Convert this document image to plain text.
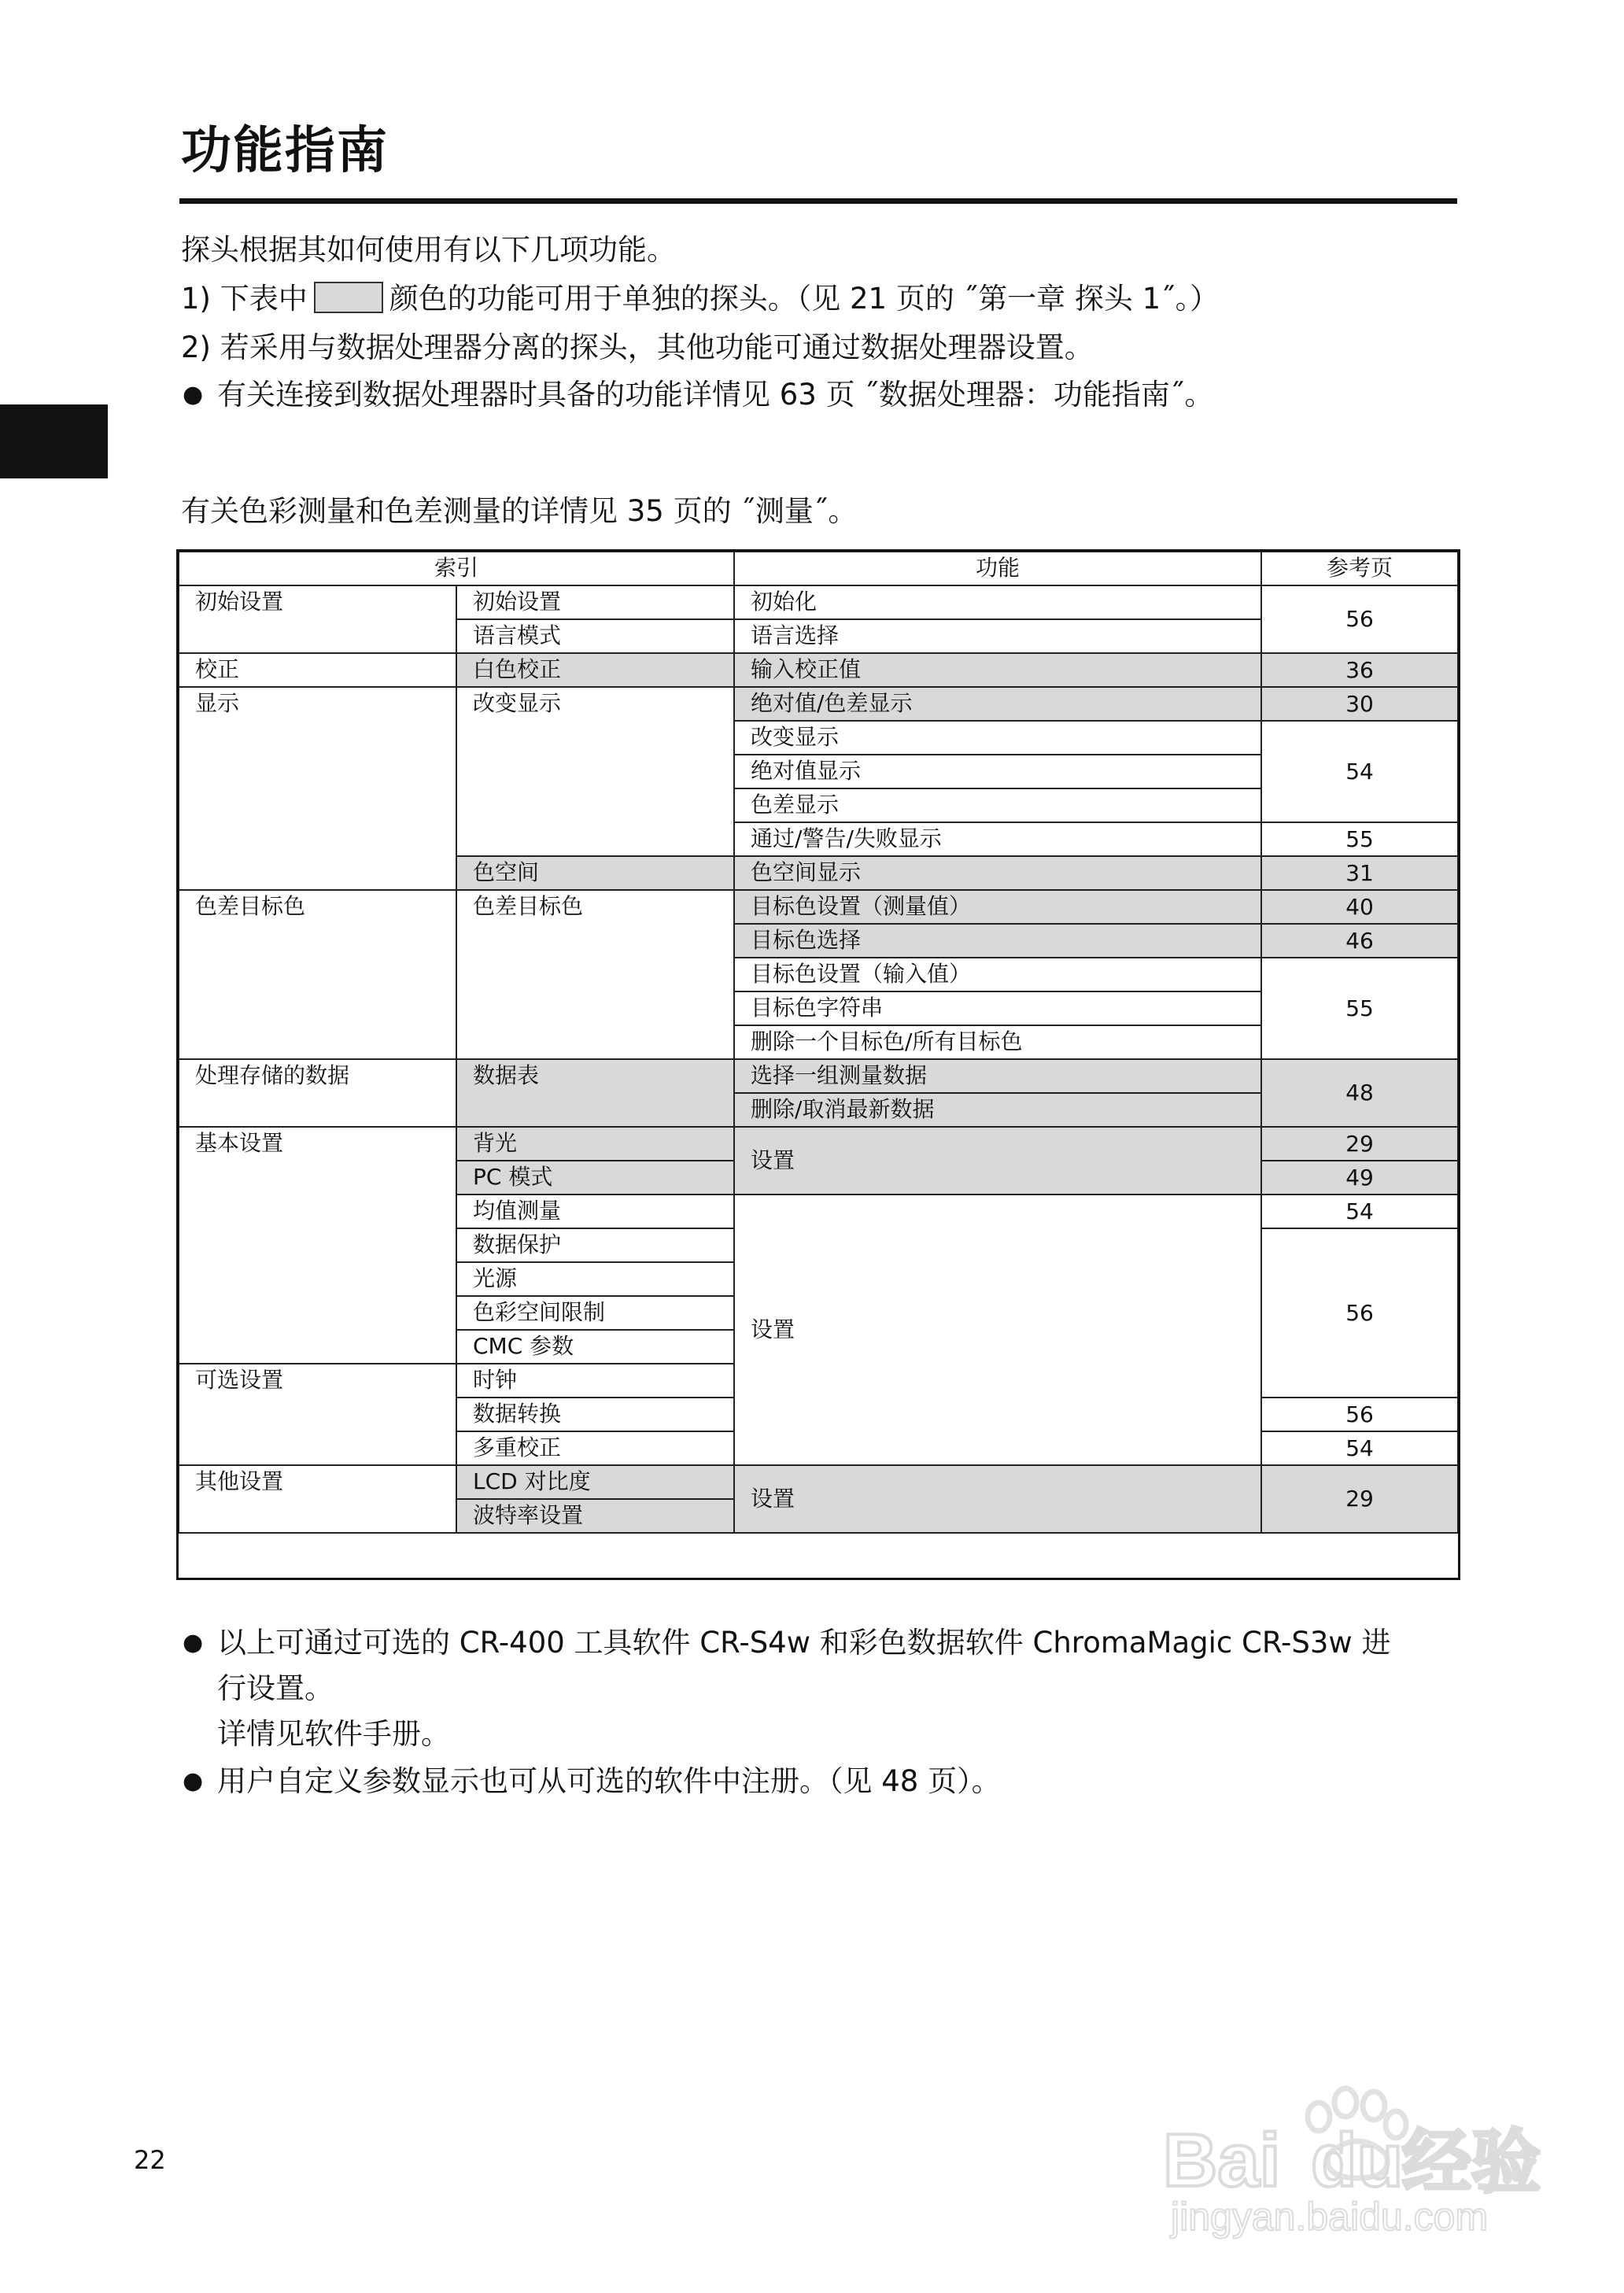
功能指南
探头根据其如何使用有以下几项功能。
1) 下表中	颜色的功能可用于单独的探头。（见 21 页的 ˝第一章 探头 1˝。）
2) 若采用与数据处理器分离的探头，其他功能可通过数据处理器设置。
● 有关连接到数据处理器时具备的功能详情见 63 页 ˝数据处理器：功能指南˝。
有关色彩测量和色差测量的详情见 35 页的 ˝测量˝。
索引		功能	参考页
初始设置	初始设置	初始化	56
	语言模式	语言选择	
校正	白色校正	输入校正值	36
显示	改变显示	绝对值/色差显示	30
		改变显示	54
		绝对值显示	
		色差显示	
		通过/警告/失败显示	55
	色空间	色空间显示	31
色差目标色	色差目标色	目标色设置（测量值）	40
		目标色选择	46
		目标色设置（输入值）	55
		目标色字符串	
		删除一个目标色/所有目标色	
处理存储的数据	数据表	选择一组测量数据	48
		删除/取消最新数据	
基本设置	背光	设置	29
	PC 模式		49
	均值测量	设置	54
	数据保护		56
	光源		
	色彩空间限制		
	CMC 参数		
可选设置	时钟		
	数据转换		56
	多重校正		54
其他设置	LCD 对比度	设置	29
	波特率设置		
● 以上可通过可选的 CR-400 工具软件 CR-S4w 和彩色数据软件 ChromaMagic CR-S3w 进
行设置。
详情见软件手册。
● 用户自定义参数显示也可从可选的软件中注册。（见 48 页）。
22	Bai du
经验
jingyan.baidu.com
